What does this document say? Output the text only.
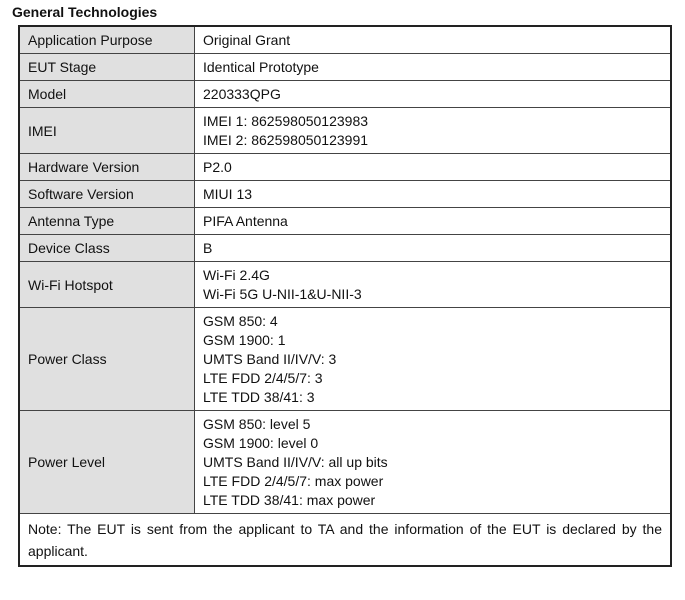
General Technologies
Application Purpose	Original Grant

EUT Stage	Identical Prototype

Model	220333QPG

IMEI	IMEI 1: 862598050123983
IMEI 2: 862598050123991

Hardware Version	P2.0

Software Version	MIUI 13

Antenna Type	PIFA Antenna

Device Class	B

Wi-Fi Hotspot	Wi-Fi 2.4G
Wi-Fi 5G U-NII-1&U-NII-3

Power Class	GSM 850: 4
GSM 1900: 1
UMTS Band II/IV/V: 3
LTE FDD 2/4/5/7: 3
LTE TDD 38/41: 3

Power Level	GSM 850: level 5
GSM 1900: level 0
UMTS Band II/IV/V: all up bits
LTE FDD 2/4/5/7: max power
LTE TDD 38/41: max power

Note: The EUT is sent from the applicant to TA and the information of the EUT is declared by the applicant.	
